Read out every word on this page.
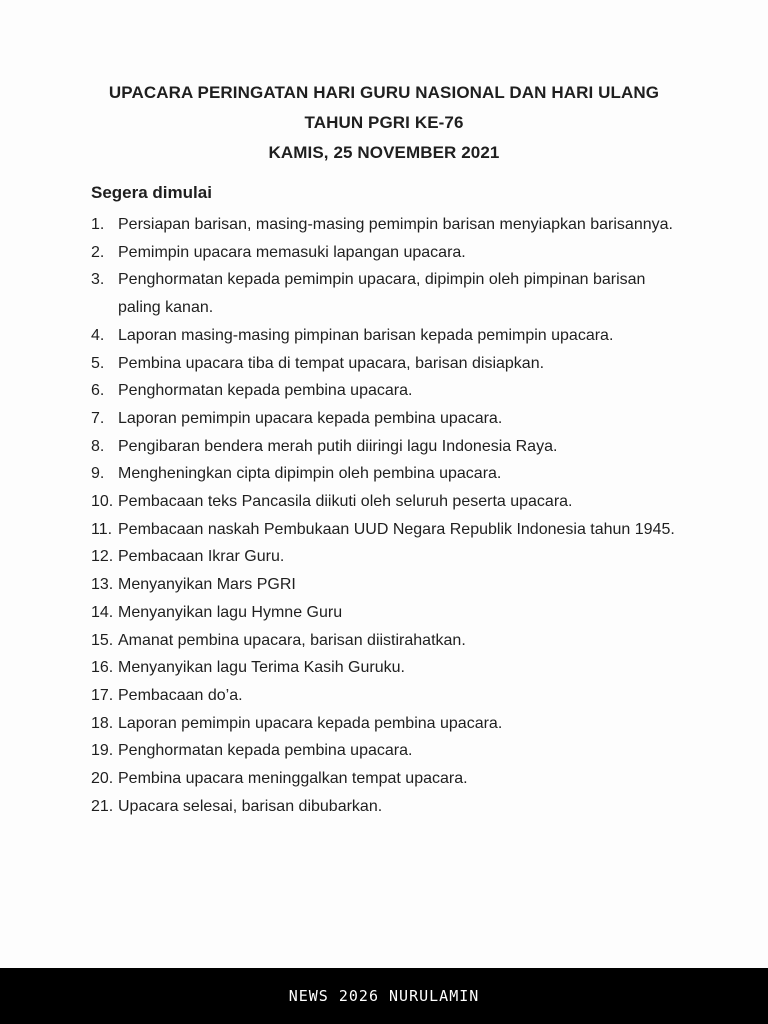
UPACARA PERINGATAN HARI GURU NASIONAL DAN HARI ULANG
TAHUN PGRI KE-76
KAMIS, 25 NOVEMBER 2021
Segera dimulai
1. Persiapan barisan, masing-masing pemimpin barisan menyiapkan barisannya.
2. Pemimpin upacara memasuki lapangan upacara.
3. Penghormatan kepada pemimpin upacara, dipimpin oleh pimpinan barisan paling kanan.
4. Laporan masing-masing pimpinan barisan kepada pemimpin upacara.
5. Pembina upacara tiba di tempat upacara, barisan disiapkan.
6. Penghormatan kepada pembina upacara.
7. Laporan pemimpin upacara kepada pembina upacara.
8. Pengibaran bendera merah putih diiringi lagu Indonesia Raya.
9. Mengheningkan cipta dipimpin oleh pembina upacara.
10. Pembacaan teks Pancasila diikuti oleh seluruh peserta upacara.
11. Pembacaan naskah Pembukaan UUD Negara Republik Indonesia tahun 1945.
12. Pembacaan Ikrar Guru.
13. Menyanyikan Mars PGRI
14. Menyanyikan lagu Hymne Guru
15. Amanat pembina upacara, barisan diistirahatkan.
16. Menyanyikan lagu Terima Kasih Guruku.
17. Pembacaan do’a.
18. Laporan pemimpin upacara kepada pembina upacara.
19. Penghormatan kepada pembina upacara.
20. Pembina upacara meninggalkan tempat upacara.
21. Upacara selesai, barisan dibubarkan.
NEWS 2026 NURULAMIN
